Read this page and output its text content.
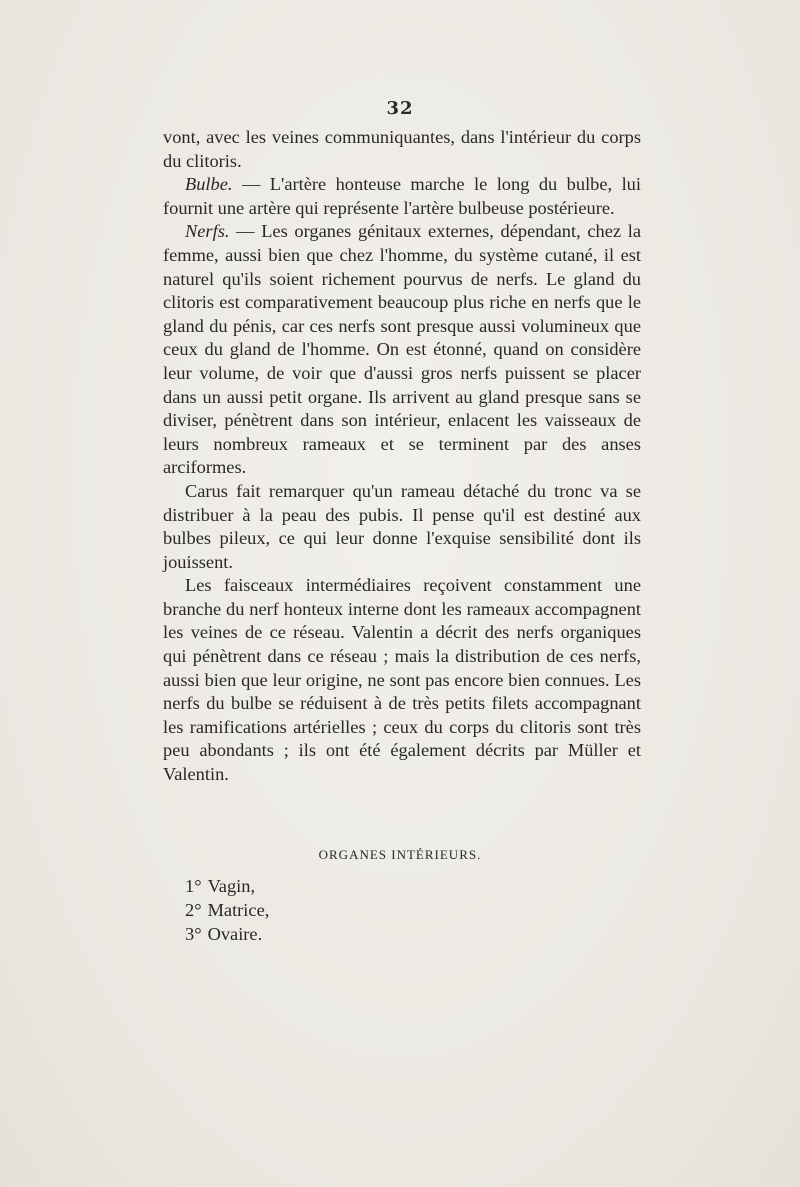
32

vont, avec les veines communiquantes, dans l'intérieur du corps du clitoris.

Bulbe. — L'artère honteuse marche le long du bulbe, lui fournit une artère qui représente l'artère bulbeuse postérieure.

Nerfs. — Les organes génitaux externes, dépendant, chez la femme, aussi bien que chez l'homme, du système cutané, il est naturel qu'ils soient richement pourvus de nerfs. Le gland du clitoris est comparativement beaucoup plus riche en nerfs que le gland du pénis, car ces nerfs sont presque aussi volumineux que ceux du gland de l'homme. On est étonné, quand on considère leur volume, de voir que d'aussi gros nerfs puissent se placer dans un aussi petit organe. Ils arrivent au gland presque sans se diviser, pénètrent dans son intérieur, enlacent les vaisseaux de leurs nombreux rameaux et se terminent par des anses arciformes.

Carus fait remarquer qu'un rameau détaché du tronc va se distribuer à la peau des pubis. Il pense qu'il est destiné aux bulbes pileux, ce qui leur donne l'exquise sensibilité dont ils jouissent.

Les faisceaux intermédiaires reçoivent constamment une branche du nerf honteux interne dont les rameaux accompagnent les veines de ce réseau. Valentin a décrit des nerfs organiques qui pénètrent dans ce réseau ; mais la distribution de ces nerfs, aussi bien que leur origine, ne sont pas encore bien connues. Les nerfs du bulbe se réduisent à de très petits filets accompagnant les ramifications artérielles ; ceux du corps du clitoris sont très peu abondants ; ils ont été également décrits par Müller et Valentin.

ORGANES INTÉRIEURS.
1° Vagin,
2° Matrice,
3° Ovaire.
